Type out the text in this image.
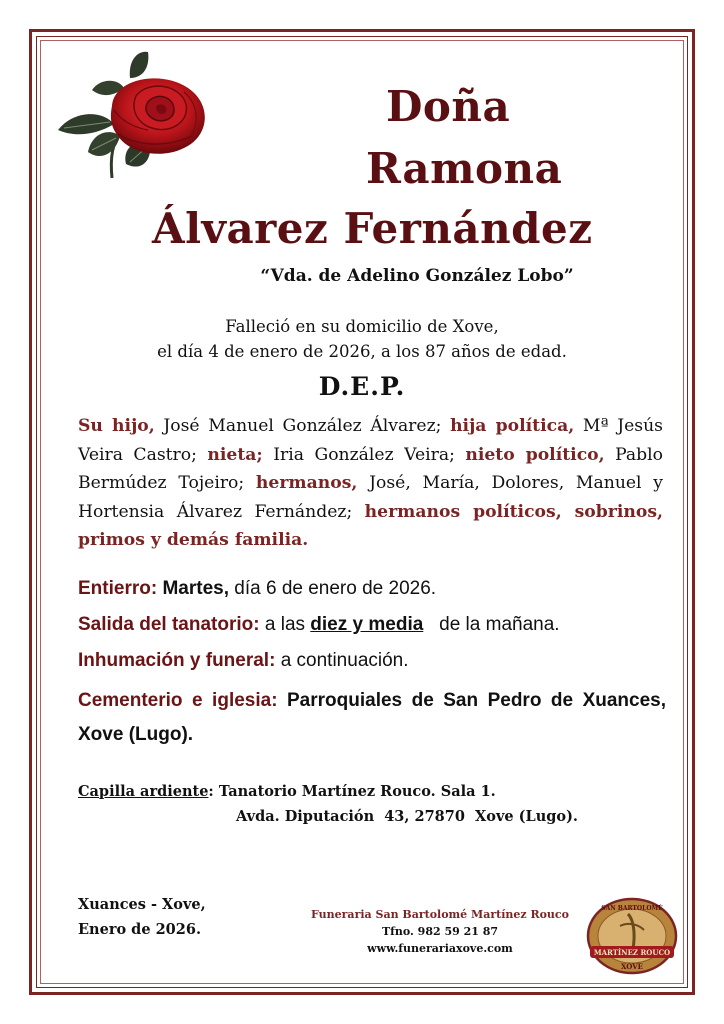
Doña
Ramona
Álvarez Fernández
“Vda. de Adelino González Lobo”
Falleció en su domicilio de Xove,
el día 4 de enero de 2026, a los 87 años de edad.
D.E.P.
Su hijo, José Manuel González Álvarez; hija política, Mª Jesús Veira Castro; nieta; Iria González Veira; nieto político, Pablo Bermúdez Tojeiro; hermanos, José, María, Dolores, Manuel y Hortensia Álvarez Fernández; hermanos políticos, sobrinos, primos y demás familia.
Entierro: Martes, día 6 de enero de 2026.
Salida del tanatorio: a las diez y media   de la mañana.
Inhumación y funeral: a continuación.
Cementerio e iglesia: Parroquiales de San Pedro de Xuances, Xove (Lugo).
Capilla ardiente: Tanatorio Martínez Rouco. Sala 1.
Avda. Diputación  43, 27870  Xove (Lugo).
Xuances - Xove,
Enero de 2026.
Funeraria San Bartolomé Martínez Rouco
Tfno. 982 59 21 87
www.funerariaxove.com
SAN BARTOLOMÉ
MARTÍNEZ ROUCO
XOVE
